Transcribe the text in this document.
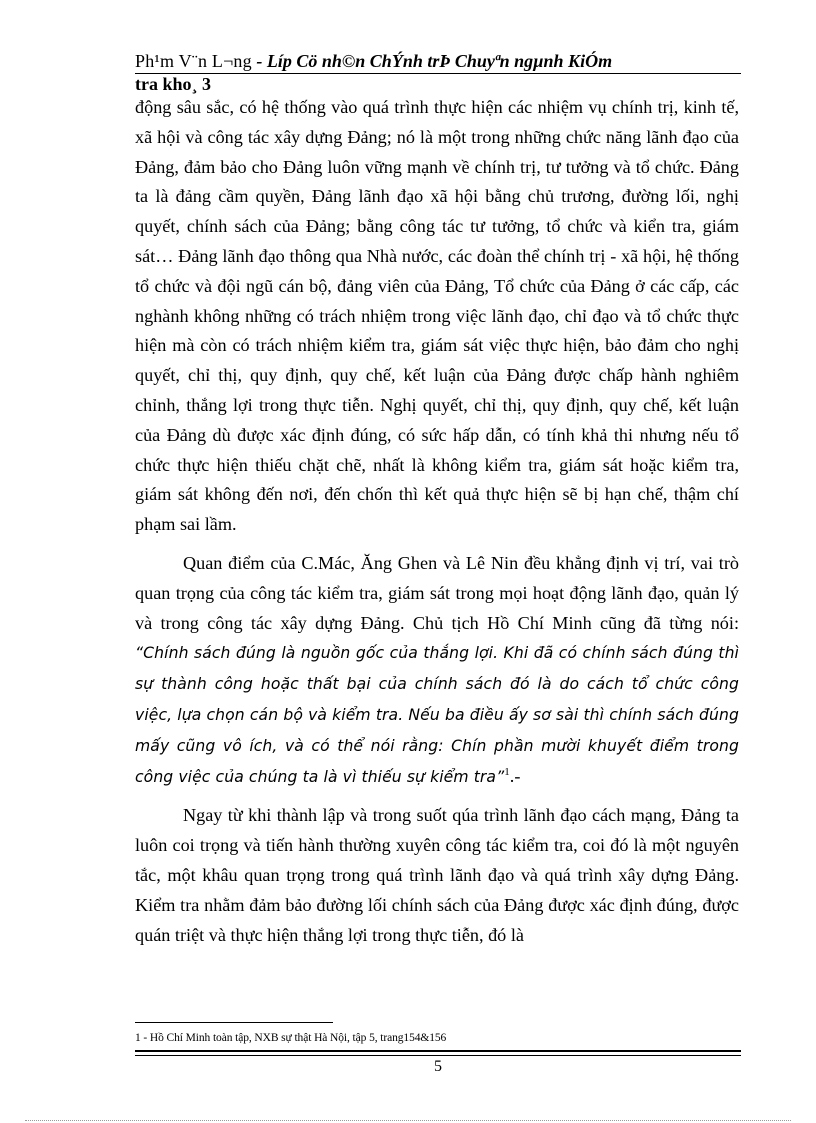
Ph¹m V¨n L¬ng - Líp Cö nh©n ChÝnh trÞ Chuyªn ngµnh KiÓm
tra kho¸ 3

động sâu sắc, có hệ thống vào quá trình thực hiện các nhiệm vụ chính trị, kinh tế, xã hội và công tác xây dựng Đảng; nó là một trong những chức năng lãnh đạo của Đảng, đảm bảo cho Đảng luôn vững mạnh về chính trị, tư tưởng và tổ chức. Đảng ta là đảng cầm quyền, Đảng lãnh đạo xã hội bằng chủ trương, đường lối, nghị quyết, chính sách của Đảng; bằng công tác tư tưởng, tổ chức và kiển tra, giám sát… Đảng lãnh đạo thông qua Nhà nước, các đoàn thể chính trị - xã hội, hệ thống tổ chức và đội ngũ cán bộ, đảng viên của Đảng, Tổ chức của Đảng ở các cấp, các nghành không những có trách nhiệm trong việc lãnh đạo, chỉ đạo và tổ chức thực hiện mà còn có trách nhiệm kiểm tra, giám sát việc thực hiện, bảo đảm cho nghị quyết, chỉ thị, quy định, quy chế, kết luận của Đảng được chấp hành nghiêm chỉnh, thắng lợi trong thực tiễn. Nghị quyết, chỉ thị, quy định, quy chế, kết luận của Đảng dù được xác định đúng, có sức hấp dẫn, có tính khả thi nhưng nếu tổ chức thực hiện thiếu chặt chẽ, nhất là không kiểm tra, giám sát hoặc kiểm tra, giám sát không đến nơi, đến chốn thì kết quả thực hiện sẽ bị hạn chế, thậm chí phạm sai lầm.

Quan điểm của C.Mác, Ăng Ghen và Lê Nin đều khẳng định vị trí, vai trò quan trọng của công tác kiểm tra, giám sát trong mọi hoạt động lãnh đạo, quản lý và trong công tác xây dựng Đảng. Chủ tịch Hồ Chí Minh cũng đã từng nói: “Chính sách đúng là nguồn gốc của thắng lợi. Khi đã có chính sách đúng thì sự thành công hoặc thất bại của chính sách đó là do cách tổ chức công việc, lựa chọn cán bộ và kiểm tra. Nếu ba điều ấy sơ sài thì chính sách đúng mấy cũng vô ích, và có thể nói rằng: Chín phần mười khuyết điểm trong công việc của chúng ta là vì thiếu sự kiểm tra”$^1$.-

Ngay từ khi thành lập và trong suốt qúa trình lãnh đạo cách mạng, Đảng ta luôn coi trọng và tiến hành thường xuyên công tác kiểm tra, coi đó là một nguyên tắc, một khâu quan trọng trong quá trình lãnh đạo và quá trình xây dựng Đảng. Kiểm tra nhằm đảm bảo đường lối chính sách của Đảng được xác định đúng, được quán triệt và thực hiện thắng lợi trong thực tiễn, đó là

1 - Hồ Chí Minh toàn tập, NXB sự thật Hà Nội, tập 5, trang154&156
5
